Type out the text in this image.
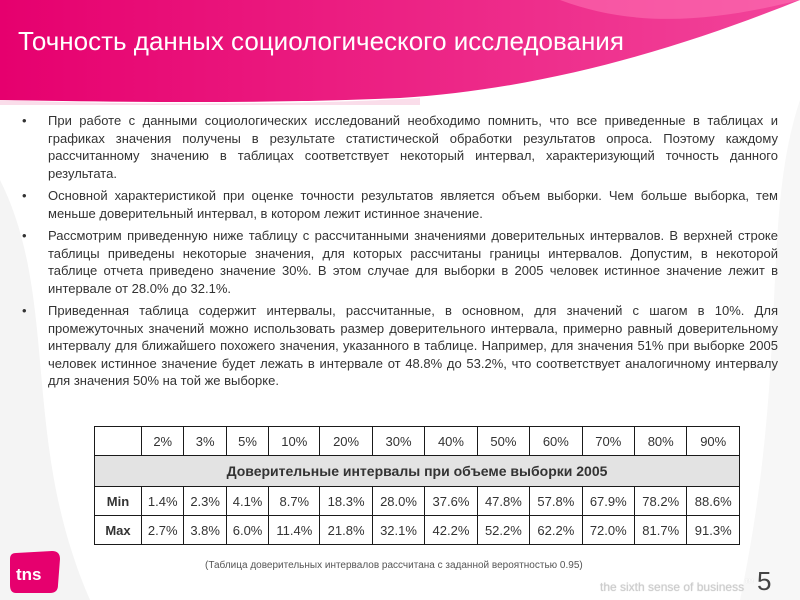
Точность данных социологического исследования
• При работе с данными социологических исследований необходимо помнить, что все приведенные в таблицах и графиках значения получены в результате статистической обработки результатов опроса. Поэтому каждому рассчитанному значению в таблицах соответствует некоторый интервал, характеризующий точность данного результата.
• Основной характеристикой при оценке точности результатов является объем выборки. Чем больше выборка, тем меньше доверительный интервал, в котором лежит истинное значение.
• Рассмотрим приведенную ниже таблицу с рассчитанными значениями доверительных интервалов. В верхней строке таблицы приведены некоторые значения, для которых рассчитаны границы интервалов. Допустим, в некоторой таблице отчета приведено значение 30%. В этом случае для выборки в 2005 человек истинное значение лежит в интервале от 28.0% до 32.1%.
• Приведенная таблица содержит интервалы, рассчитанные, в основном, для значений с шагом в 10%. Для промежуточных значений можно использовать размер доверительного интервала, примерно равный доверительному интервалу для ближайшего похожего значения, указанного в таблице. Например, для значения 51% при выборке 2005 человек истинное значение будет лежать в интервале от 48.8% до 53.2%, что соответствует аналогичному интервалу для значения 50% на той же выборке.
	2%	3%	5%	10%	20%	30%	40%	50%	60%	70%	80%	90%
Доверительные интервалы при объеме выборки 2005												
Min	1.4%	2.3%	4.1%	8.7%	18.3%	28.0%	37.6%	47.8%	57.8%	67.9%	78.2%	88.6%
Max	2.7%	3.8%	6.0%	11.4%	21.8%	32.1%	42.2%	52.2%	62.2%	72.0%	81.7%	91.3%
(Таблица доверительных интервалов рассчитана с заданной вероятностью 0.95)
tns
the sixth sense of business™ 5
